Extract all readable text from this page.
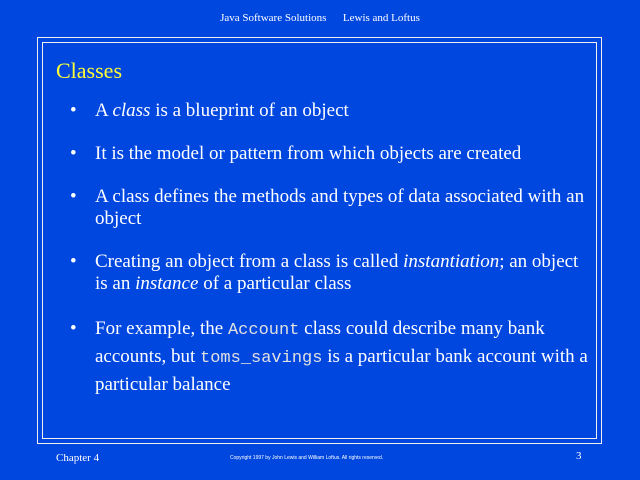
Java Software Solutions      Lewis and Loftus
Classes
• A class is a blueprint of an object
• It is the model or pattern from which objects are created
• A class defines the methods and types of data associated with an object
• Creating an object from a class is called instantiation; an object is an instance of a particular class
• For example, the Account class could describe many bank accounts, but toms_savings is a particular bank account with a particular balance
Chapter 4	Copyright 1997 by John Lewis and William Loftus. All rights reserved.	3
